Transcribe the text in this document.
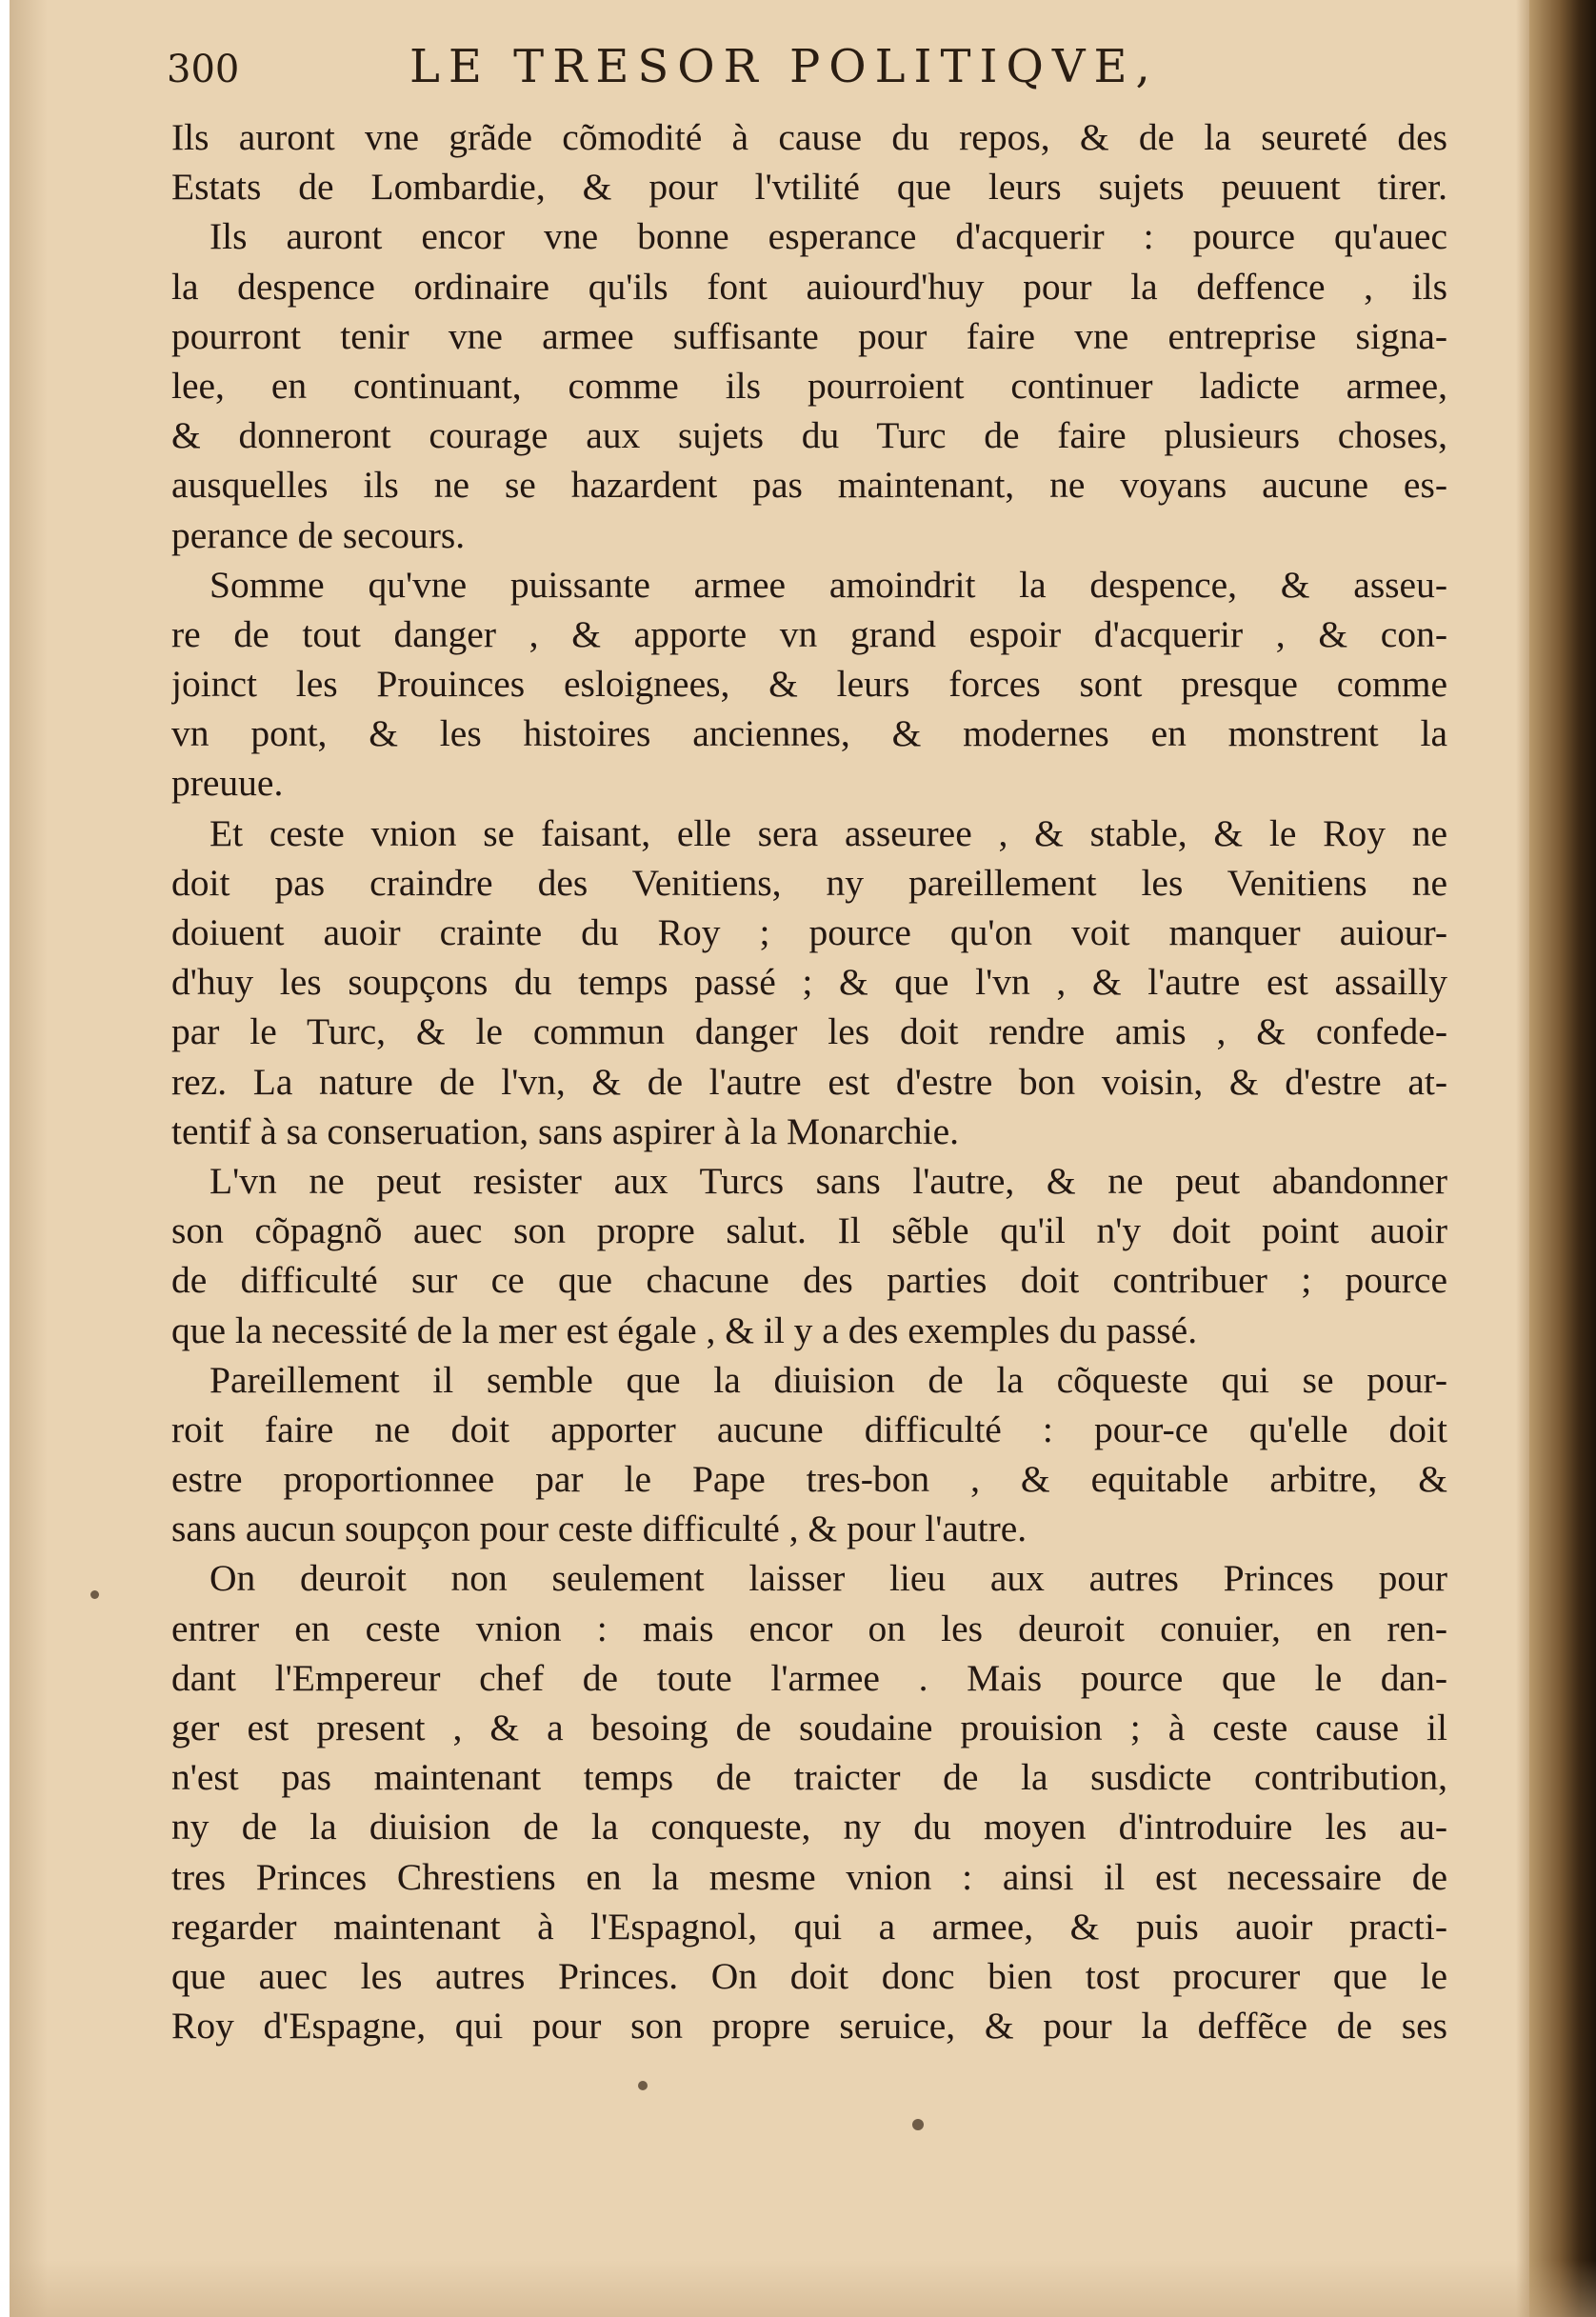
300	LE TRESOR POLITIQVE,
Ils auront vne grãde cõmodité à cause du repos, & de la seureté des
Estats de Lombardie, & pour l'vtilité que leurs sujets peuuent tirer.
Ils auront encor vne bonne esperance d'acquerir : pource qu'auec
la despence ordinaire qu'ils font auiourd'huy pour la deffence , ils
pourront tenir vne armee suffisante pour faire vne entreprise signa-
lee, en continuant, comme ils pourroient continuer ladicte armee,
& donneront courage aux sujets du Turc de faire plusieurs choses,
ausquelles ils ne se hazardent pas maintenant, ne voyans aucune es-
perance de secours.
Somme qu'vne puissante armee amoindrit la despence, & asseu-
re de tout danger , & apporte vn grand espoir d'acquerir , & con-
joinct les Prouinces esloignees, & leurs forces sont presque comme
vn pont, & les histoires anciennes, & modernes en monstrent la
preuue.
Et ceste vnion se faisant, elle sera asseuree , & stable, & le Roy ne
doit pas craindre des Venitiens, ny pareillement les Venitiens ne
doiuent auoir crainte du Roy ; pource qu'on voit manquer auiour-
d'huy les soupçons du temps passé ; & que l'vn , & l'autre est assailly
par le Turc, & le commun danger les doit rendre amis , & confede-
rez. La nature de l'vn, & de l'autre est d'estre bon voisin, & d'estre at-
tentif à sa conseruation, sans aspirer à la Monarchie.
L'vn ne peut resister aux Turcs sans l'autre, & ne peut abandonner
son cõpagnõ auec son propre salut. Il sẽble qu'il n'y doit point auoir
de difficulté sur ce que chacune des parties doit contribuer ; pource
que la necessité de la mer est égale , & il y a des exemples du passé.
Pareillement il semble que la diuision de la cõqueste qui se pour-
roit faire ne doit apporter aucune difficulté : pour-ce qu'elle doit
estre proportionnee par le Pape tres-bon , & equitable arbitre, &
sans aucun soupçon pour ceste difficulté , & pour l'autre.
On deuroit non seulement laisser lieu aux autres Princes pour
entrer en ceste vnion : mais encor on les deuroit conuier, en ren-
dant l'Empereur chef de toute l'armee . Mais pource que le dan-
ger est present , & a besoing de soudaine prouision ; à ceste cause il
n'est pas maintenant temps de traicter de la susdicte contribution,
ny de la diuision de la conqueste, ny du moyen d'introduire les au-
tres Princes Chrestiens en la mesme vnion : ainsi il est necessaire de
regarder maintenant à l'Espagnol, qui a armee, & puis auoir practi-
que auec les autres Princes. On doit donc bien tost procurer que le
Roy d'Espagne, qui pour son propre seruice, & pour la deffẽce de ses
